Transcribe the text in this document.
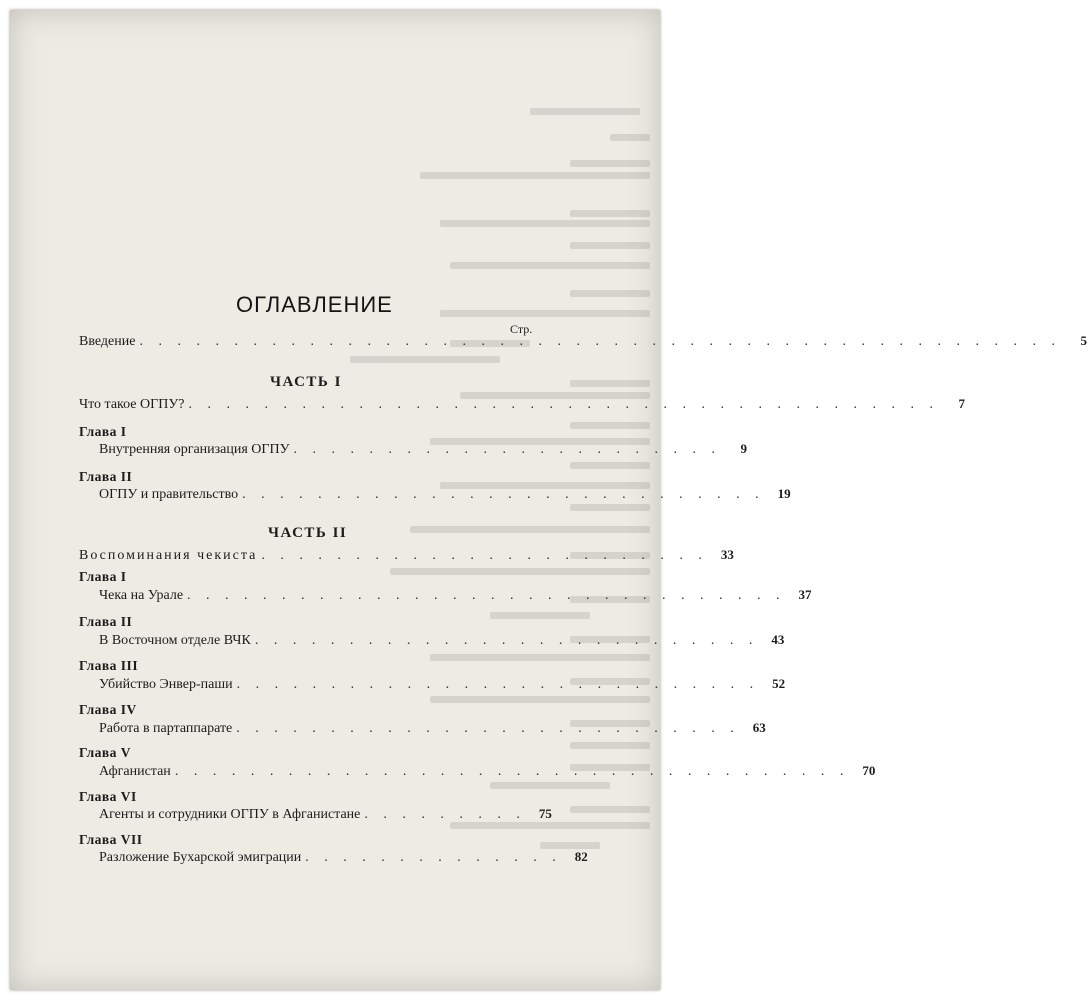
ОГЛАВЛЕНИЕ
Стр.
Введение . . . . . . . . . . . . . . . . . . . . . . . . . . . . . . . . . . . . . . . . . . . . . . . . .	5
ЧАСТЬ I
Что такое ОГПУ? . . . . . . . . . . . . . . . . . . . . . . . . . . . . . . . . . . . . . . . .	7
Глава I
Внутренняя организация ОГПУ . . . . . . . . . . . . . . . . . . . . . . .	9
Глава II
ОГПУ и правительство . . . . . . . . . . . . . . . . . . . . . . . . . . . .	19
ЧАСТЬ II
Воспоминания чекиста . . . . . . . . . . . . . . . . . . . . . . . .	33
Глава I
Чека на Урале . . . . . . . . . . . . . . . . . . . . . . . . . . . . . . . .	37
Глава II
В Восточном отделе ВЧК . . . . . . . . . . . . . . . . . . . . . . . . . . .	43
Глава III
Убийство Энвер-паши . . . . . . . . . . . . . . . . . . . . . . . . . . . .	52
Глава IV
Работа в партаппарате . . . . . . . . . . . . . . . . . . . . . . . . . . .	63
Глава V
Афганистан . . . . . . . . . . . . . . . . . . . . . . . . . . . . . . . . . . . .	70
Глава VI
Агенты и сотрудники ОГПУ в Афганистане . . . . . . . . .	75
Глава VII
Разложение Бухарской эмиграции . . . . . . . . . . . . . .	82
